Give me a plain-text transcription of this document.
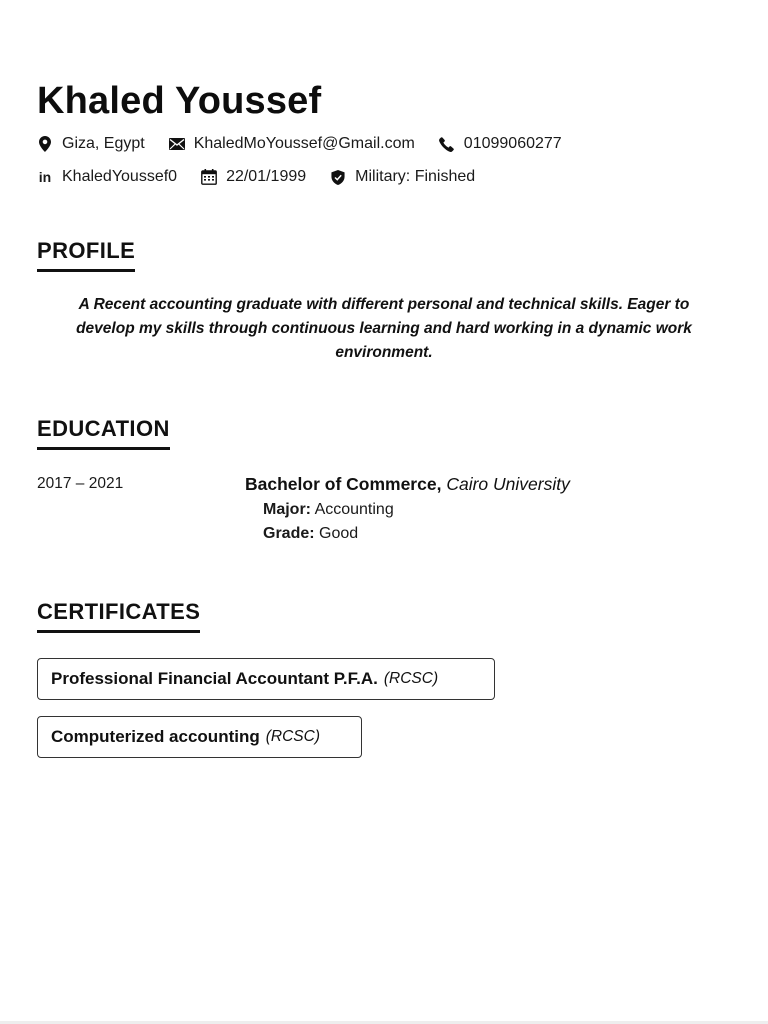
Khaled Youssef
Giza, Egypt	KhaledMoYoussef@Gmail.com	01099060277
in KhaledYoussef0	22/01/1999	Military: Finished
PROFILE
A Recent accounting graduate with different personal and technical skills. Eager to develop my skills through continuous learning and hard working in a dynamic work environment.
EDUCATION
2017 – 2021	Bachelor of Commerce, Cairo University
Major: Accounting
Grade: Good
CERTIFICATES
Professional Financial Accountant P.F.A. (RCSC)
Computerized accounting (RCSC)
